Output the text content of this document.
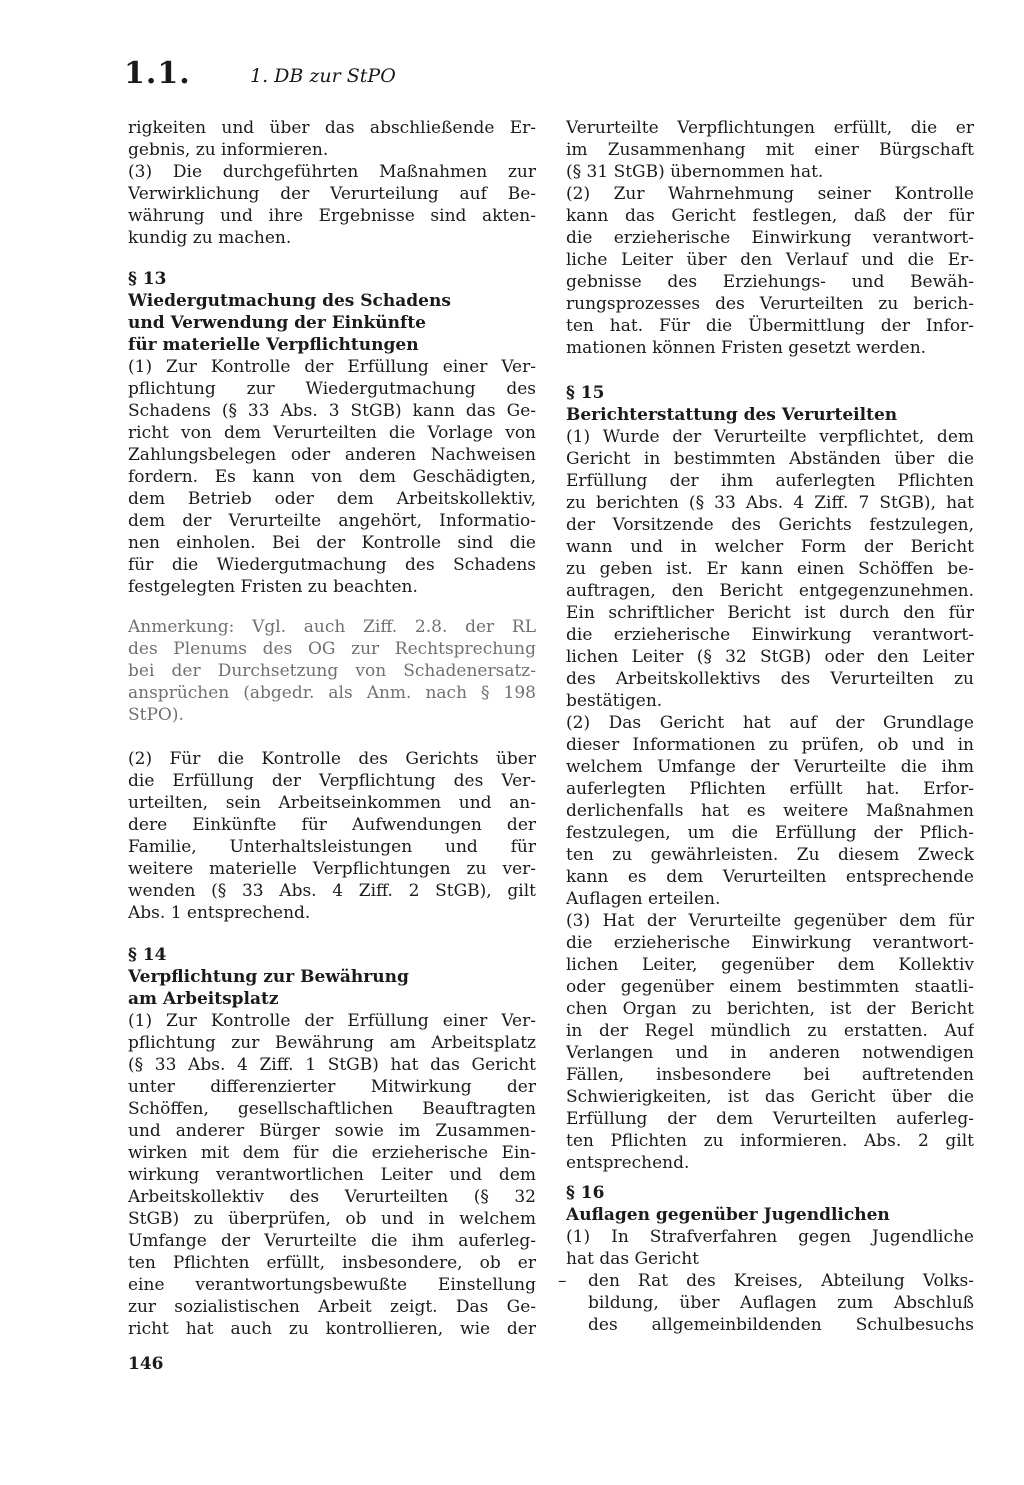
1.1.	1. DB zur StPO
rigkeiten und über das abschließende Er-
gebnis, zu informieren.
(3) Die durchgeführten Maßnahmen zur
Verwirklichung der Verurteilung auf Be-
währung und ihre Ergebnisse sind akten-
kundig zu machen.
§ 13
Wiedergutmachung des Schadens
und Verwendung der Einkünfte
für materielle Verpflichtungen
(1) Zur Kontrolle der Erfüllung einer Ver-
pflichtung zur Wiedergutmachung des
Schadens (§ 33 Abs. 3 StGB) kann das Ge-
richt von dem Verurteilten die Vorlage von
Zahlungsbelegen oder anderen Nachweisen
fordern. Es kann von dem Geschädigten,
dem Betrieb oder dem Arbeitskollektiv,
dem der Verurteilte angehört, Informatio-
nen einholen. Bei der Kontrolle sind die
für die Wiedergutmachung des Schadens
festgelegten Fristen zu beachten.
Anmerkung: Vgl. auch Ziff. 2.8. der RL
des Plenums des OG zur Rechtsprechung
bei der Durchsetzung von Schadenersatz-
ansprüchen (abgedr. als Anm. nach § 198
StPO).
(2) Für die Kontrolle des Gerichts über
die Erfüllung der Verpflichtung des Ver-
urteilten, sein Arbeitseinkommen und an-
dere Einkünfte für Aufwendungen der
Familie, Unterhaltsleistungen und für
weitere materielle Verpflichtungen zu ver-
wenden (§ 33 Abs. 4 Ziff. 2 StGB), gilt
Abs. 1 entsprechend.
§ 14
Verpflichtung zur Bewährung
am Arbeitsplatz
(1) Zur Kontrolle der Erfüllung einer Ver-
pflichtung zur Bewährung am Arbeitsplatz
(§ 33 Abs. 4 Ziff. 1 StGB) hat das Gericht
unter differenzierter Mitwirkung der
Schöffen, gesellschaftlichen Beauftragten
und anderer Bürger sowie im Zusammen-
wirken mit dem für die erzieherische Ein-
wirkung verantwortlichen Leiter und dem
Arbeitskollektiv des Verurteilten (§ 32
StGB) zu überprüfen, ob und in welchem
Umfange der Verurteilte die ihm auferleg-
ten Pflichten erfüllt, insbesondere, ob er
eine verantwortungsbewußte Einstellung
zur sozialistischen Arbeit zeigt. Das Ge-
richt hat auch zu kontrollieren, wie der
Verurteilte Verpflichtungen erfüllt, die er
im Zusammenhang mit einer Bürgschaft
(§ 31 StGB) übernommen hat.
(2) Zur Wahrnehmung seiner Kontrolle
kann das Gericht festlegen, daß der für
die erzieherische Einwirkung verantwort-
liche Leiter über den Verlauf und die Er-
gebnisse des Erziehungs- und Bewäh-
rungsprozesses des Verurteilten zu berich-
ten hat. Für die Übermittlung der Infor-
mationen können Fristen gesetzt werden.
§ 15
Berichterstattung des Verurteilten
(1) Wurde der Verurteilte verpflichtet, dem
Gericht in bestimmten Abständen über die
Erfüllung der ihm auferlegten Pflichten
zu berichten (§ 33 Abs. 4 Ziff. 7 StGB), hat
der Vorsitzende des Gerichts festzulegen,
wann und in welcher Form der Bericht
zu geben ist. Er kann einen Schöffen be-
auftragen, den Bericht entgegenzunehmen.
Ein schriftlicher Bericht ist durch den für
die erzieherische Einwirkung verantwort-
lichen Leiter (§ 32 StGB) oder den Leiter
des Arbeitskollektivs des Verurteilten zu
bestätigen.
(2) Das Gericht hat auf der Grundlage
dieser Informationen zu prüfen, ob und in
welchem Umfange der Verurteilte die ihm
auferlegten Pflichten erfüllt hat. Erfor-
derlichenfalls hat es weitere Maßnahmen
festzulegen, um die Erfüllung der Pflich-
ten zu gewährleisten. Zu diesem Zweck
kann es dem Verurteilten entsprechende
Auflagen erteilen.
(3) Hat der Verurteilte gegenüber dem für
die erzieherische Einwirkung verantwort-
lichen Leiter, gegenüber dem Kollektiv
oder gegenüber einem bestimmten staatli-
chen Organ zu berichten, ist der Bericht
in der Regel mündlich zu erstatten. Auf
Verlangen und in anderen notwendigen
Fällen, insbesondere bei auftretenden
Schwierigkeiten, ist das Gericht über die
Erfüllung der dem Verurteilten auferleg-
ten Pflichten zu informieren. Abs. 2 gilt
entsprechend.
§ 16
Auflagen gegenüber Jugendlichen
(1) In Strafverfahren gegen Jugendliche
hat das Gericht
den Rat des Kreises, Abteilung Volks-
bildung, über Auflagen zum Abschluß
des allgemeinbildenden Schulbesuchs
–
146
